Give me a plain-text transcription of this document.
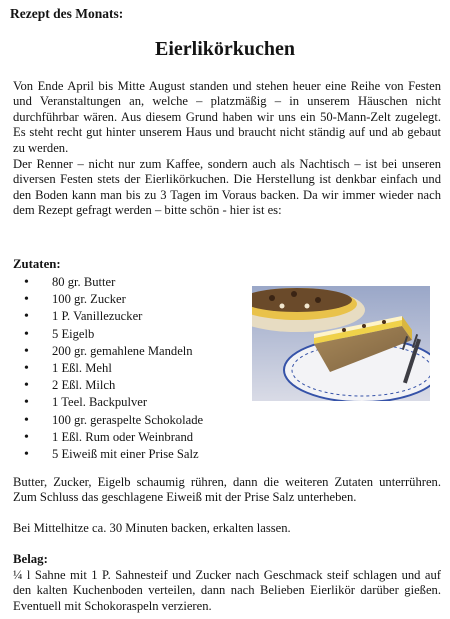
Rezept des Monats:
Eierlikörkuchen

Von Ende April bis Mitte August standen und stehen heuer eine Reihe von Festen und Veranstaltungen an, welche – platzmäßig – in unserem Häuschen nicht durchführbar wären. Aus diesem Grund haben wir uns ein 50-Mann-Zelt zugelegt. Es steht recht gut hinter unserem Haus und braucht nicht ständig auf und ab gebaut zu werden.

Der Renner – nicht nur zum Kaffee, sondern auch als Nachtisch – ist bei unseren diversen Festen stets der Eierlikörkuchen. Die Herstellung ist denkbar einfach und den Boden kann man bis zu 3 Tagen im Voraus backen. Da wir immer wieder nach dem Rezept gefragt werden – bitte schön - hier ist es:

Zutaten:
• 80 gr. Butter
• 100 gr. Zucker
• 1 P. Vanillezucker
• 5 Eigelb
• 200 gr. gemahlene Mandeln
• 1 Eßl. Mehl
• 2 Eßl. Milch
• 1 Teel. Backpulver
• 100 gr. geraspelte Schokolade
• 1 Eßl. Rum oder Weinbrand
• 5 Eiweiß mit einer Prise Salz

Butter, Zucker, Eigelb schaumig rühren, dann die weiteren Zutaten unterrühren. Zum Schluss das geschlagene Eiweiß mit der Prise Salz unterheben.

Bei Mittelhitze ca. 30 Minuten backen, erkalten lassen.

Belag:

¼ l Sahne mit 1 P. Sahnesteif und Zucker nach Geschmack steif schlagen und auf den kalten Kuchenboden verteilen, dann nach Belieben Eierlikör darüber gießen. Eventuell mit Schokoraspeln verzieren.
